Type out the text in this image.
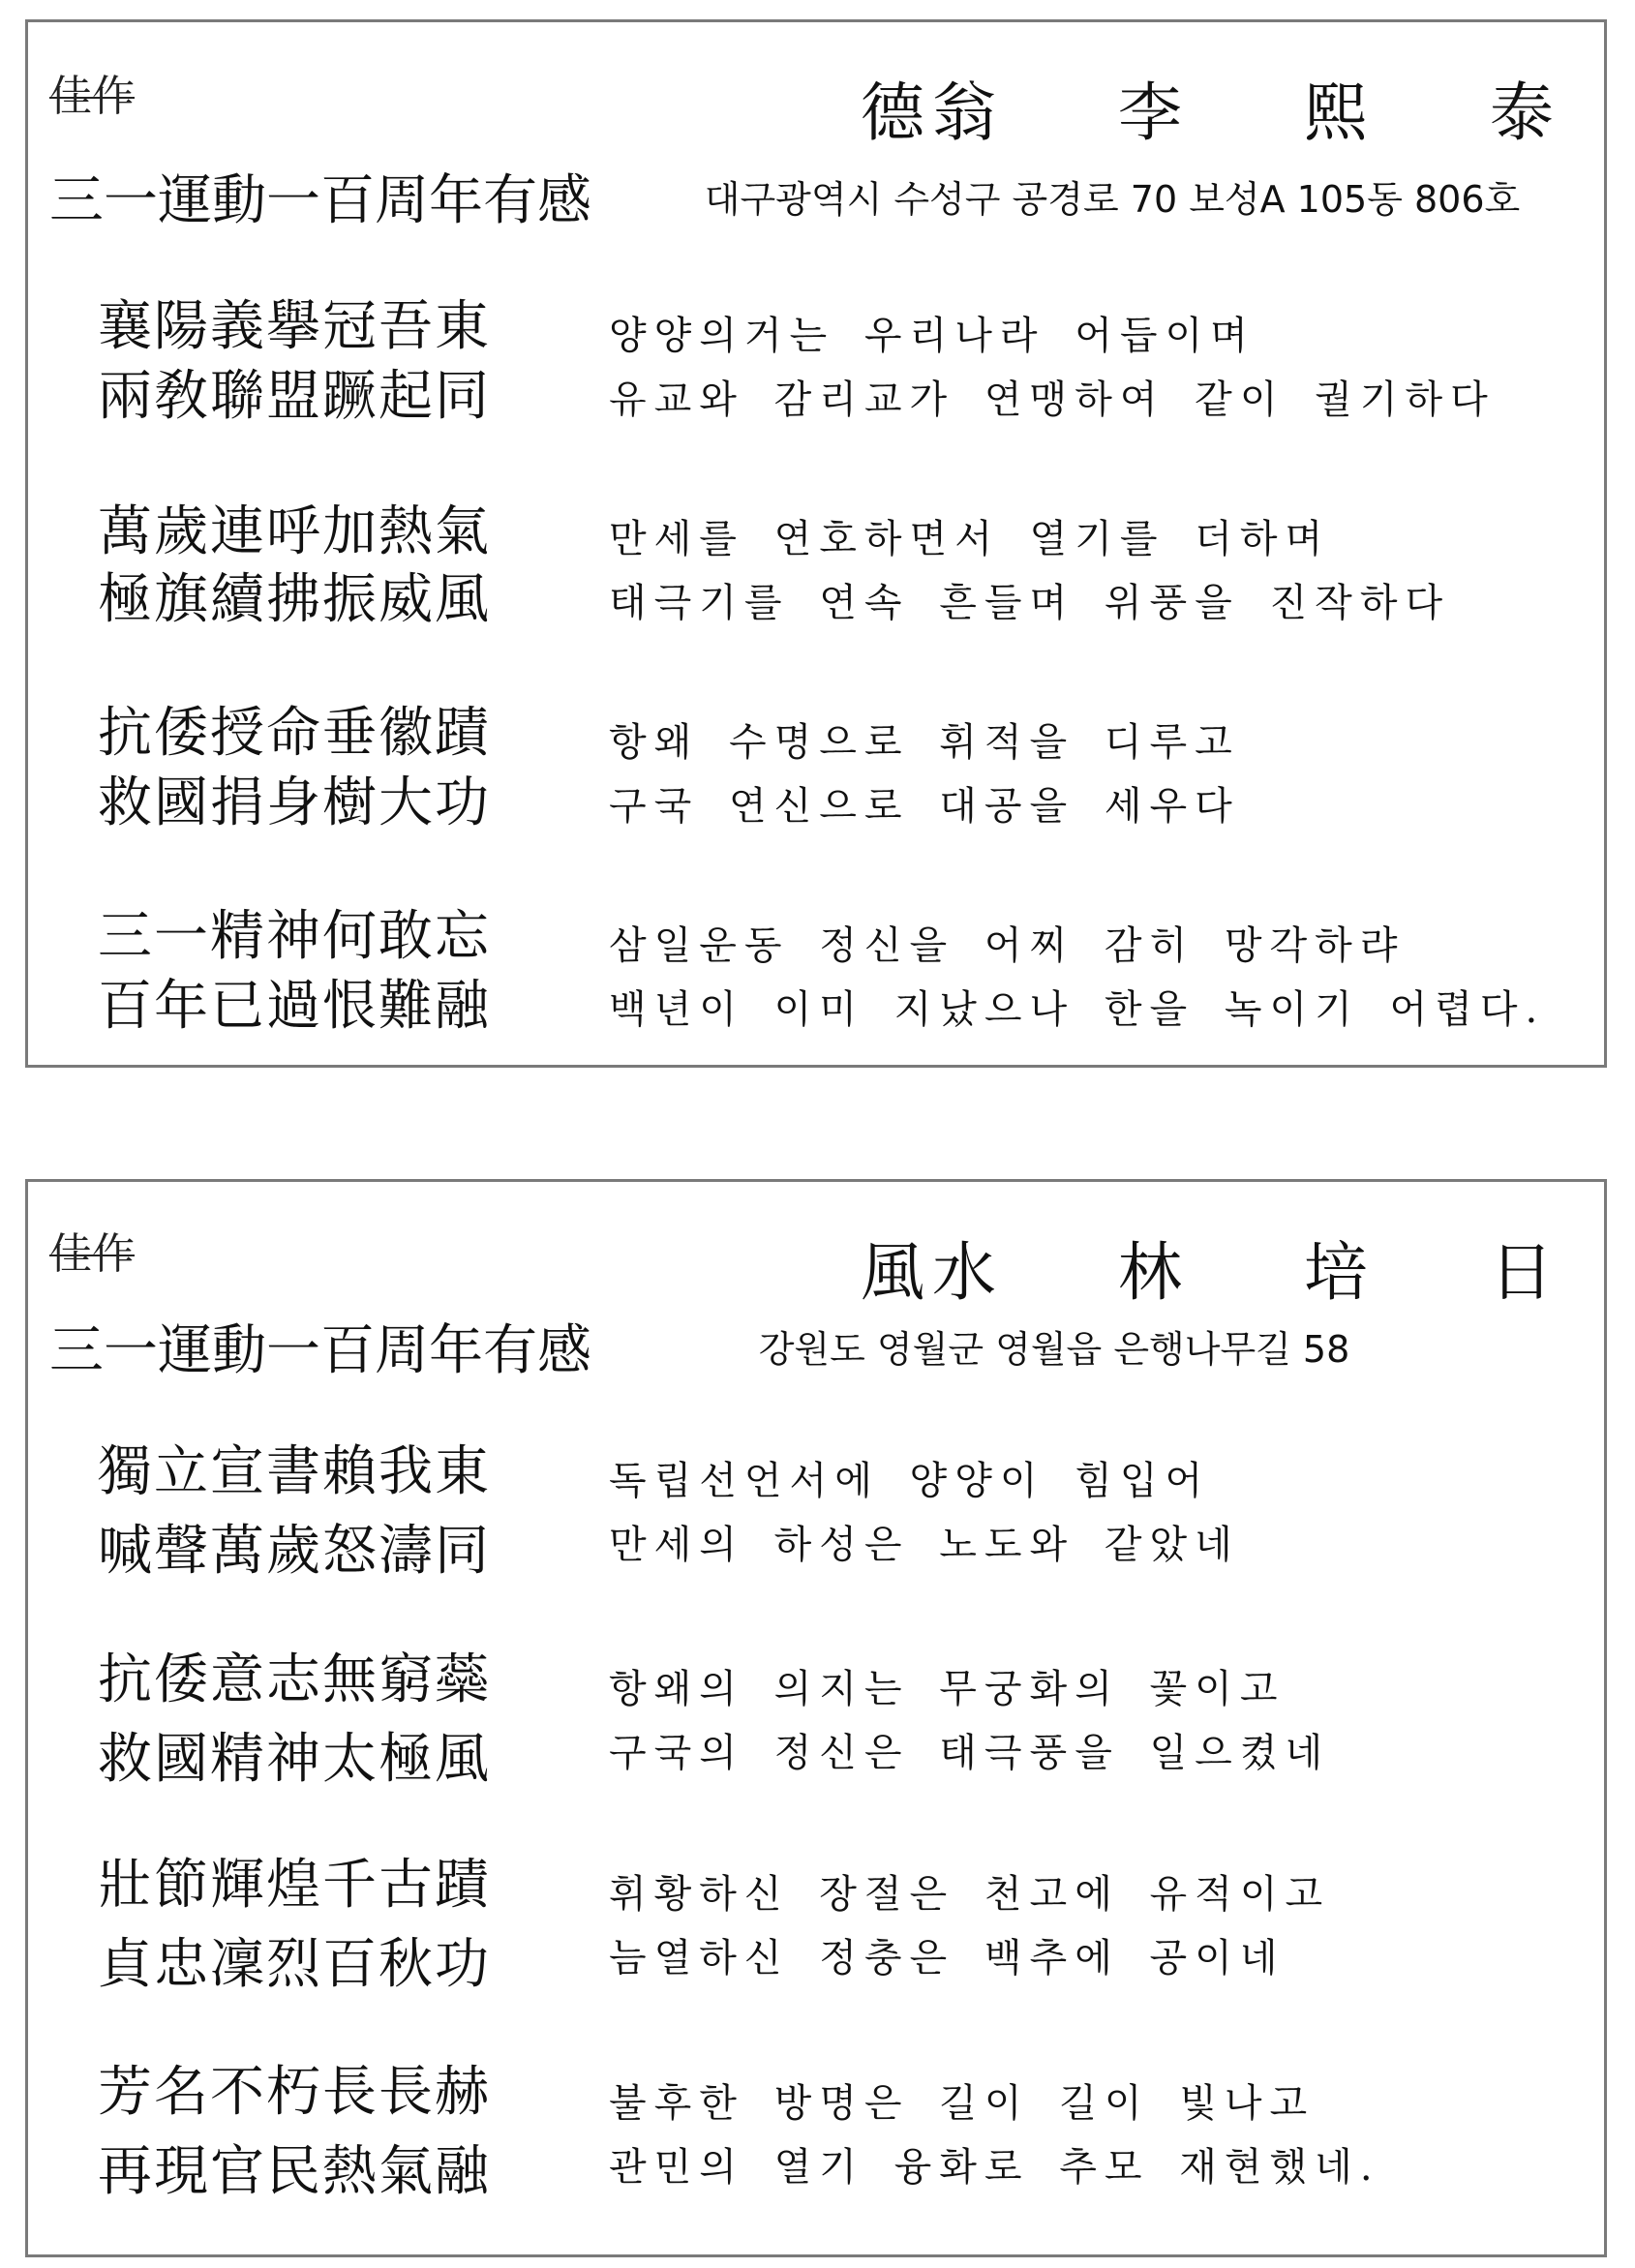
佳作	德翁  李  熙  泰
三一運動一百周年有感	대구광역시 수성구 공경로 70 보성A 105동 806호
襄陽義擧冠吾東	양양의거는 우리나라 어듭이며
兩敎聯盟蹶起同	유교와 감리교가 연맹하여 같이 궐기하다
萬歲連呼加熱氣	만세를 연호하면서 열기를 더하며
極旗續拂振威風	태극기를 연속 흔들며 위풍을 진작하다
抗倭授命垂徽蹟	항왜 수명으로 휘적을 디루고
救國捐身樹大功	구국 연신으로 대공을 세우다
三一精神何敢忘	삼일운동 정신을 어찌 감히 망각하랴
百年已過恨難融	백년이 이미 지났으나 한을 녹이기 어렵다.
佳作	風水  林  培  日
三一運動一百周年有感	강원도 영월군 영월읍 은행나무길 58
獨立宣書賴我東	독립선언서에 양양이 힘입어
喊聲萬歲怒濤同	만세의 하성은 노도와 같았네
抗倭意志無窮蘂	항왜의 의지는 무궁화의 꽃이고
救國精神太極風	구국의 정신은 태극풍을 일으켰네
壯節輝煌千古蹟	휘황하신 장절은 천고에 유적이고
貞忠凜烈百秋功	늠열하신 정충은 백추에 공이네
芳名不朽長長赫	불후한 방명은 길이 길이 빛나고
再現官民熱氣融	관민의 열기 융화로 추모 재현했네.
